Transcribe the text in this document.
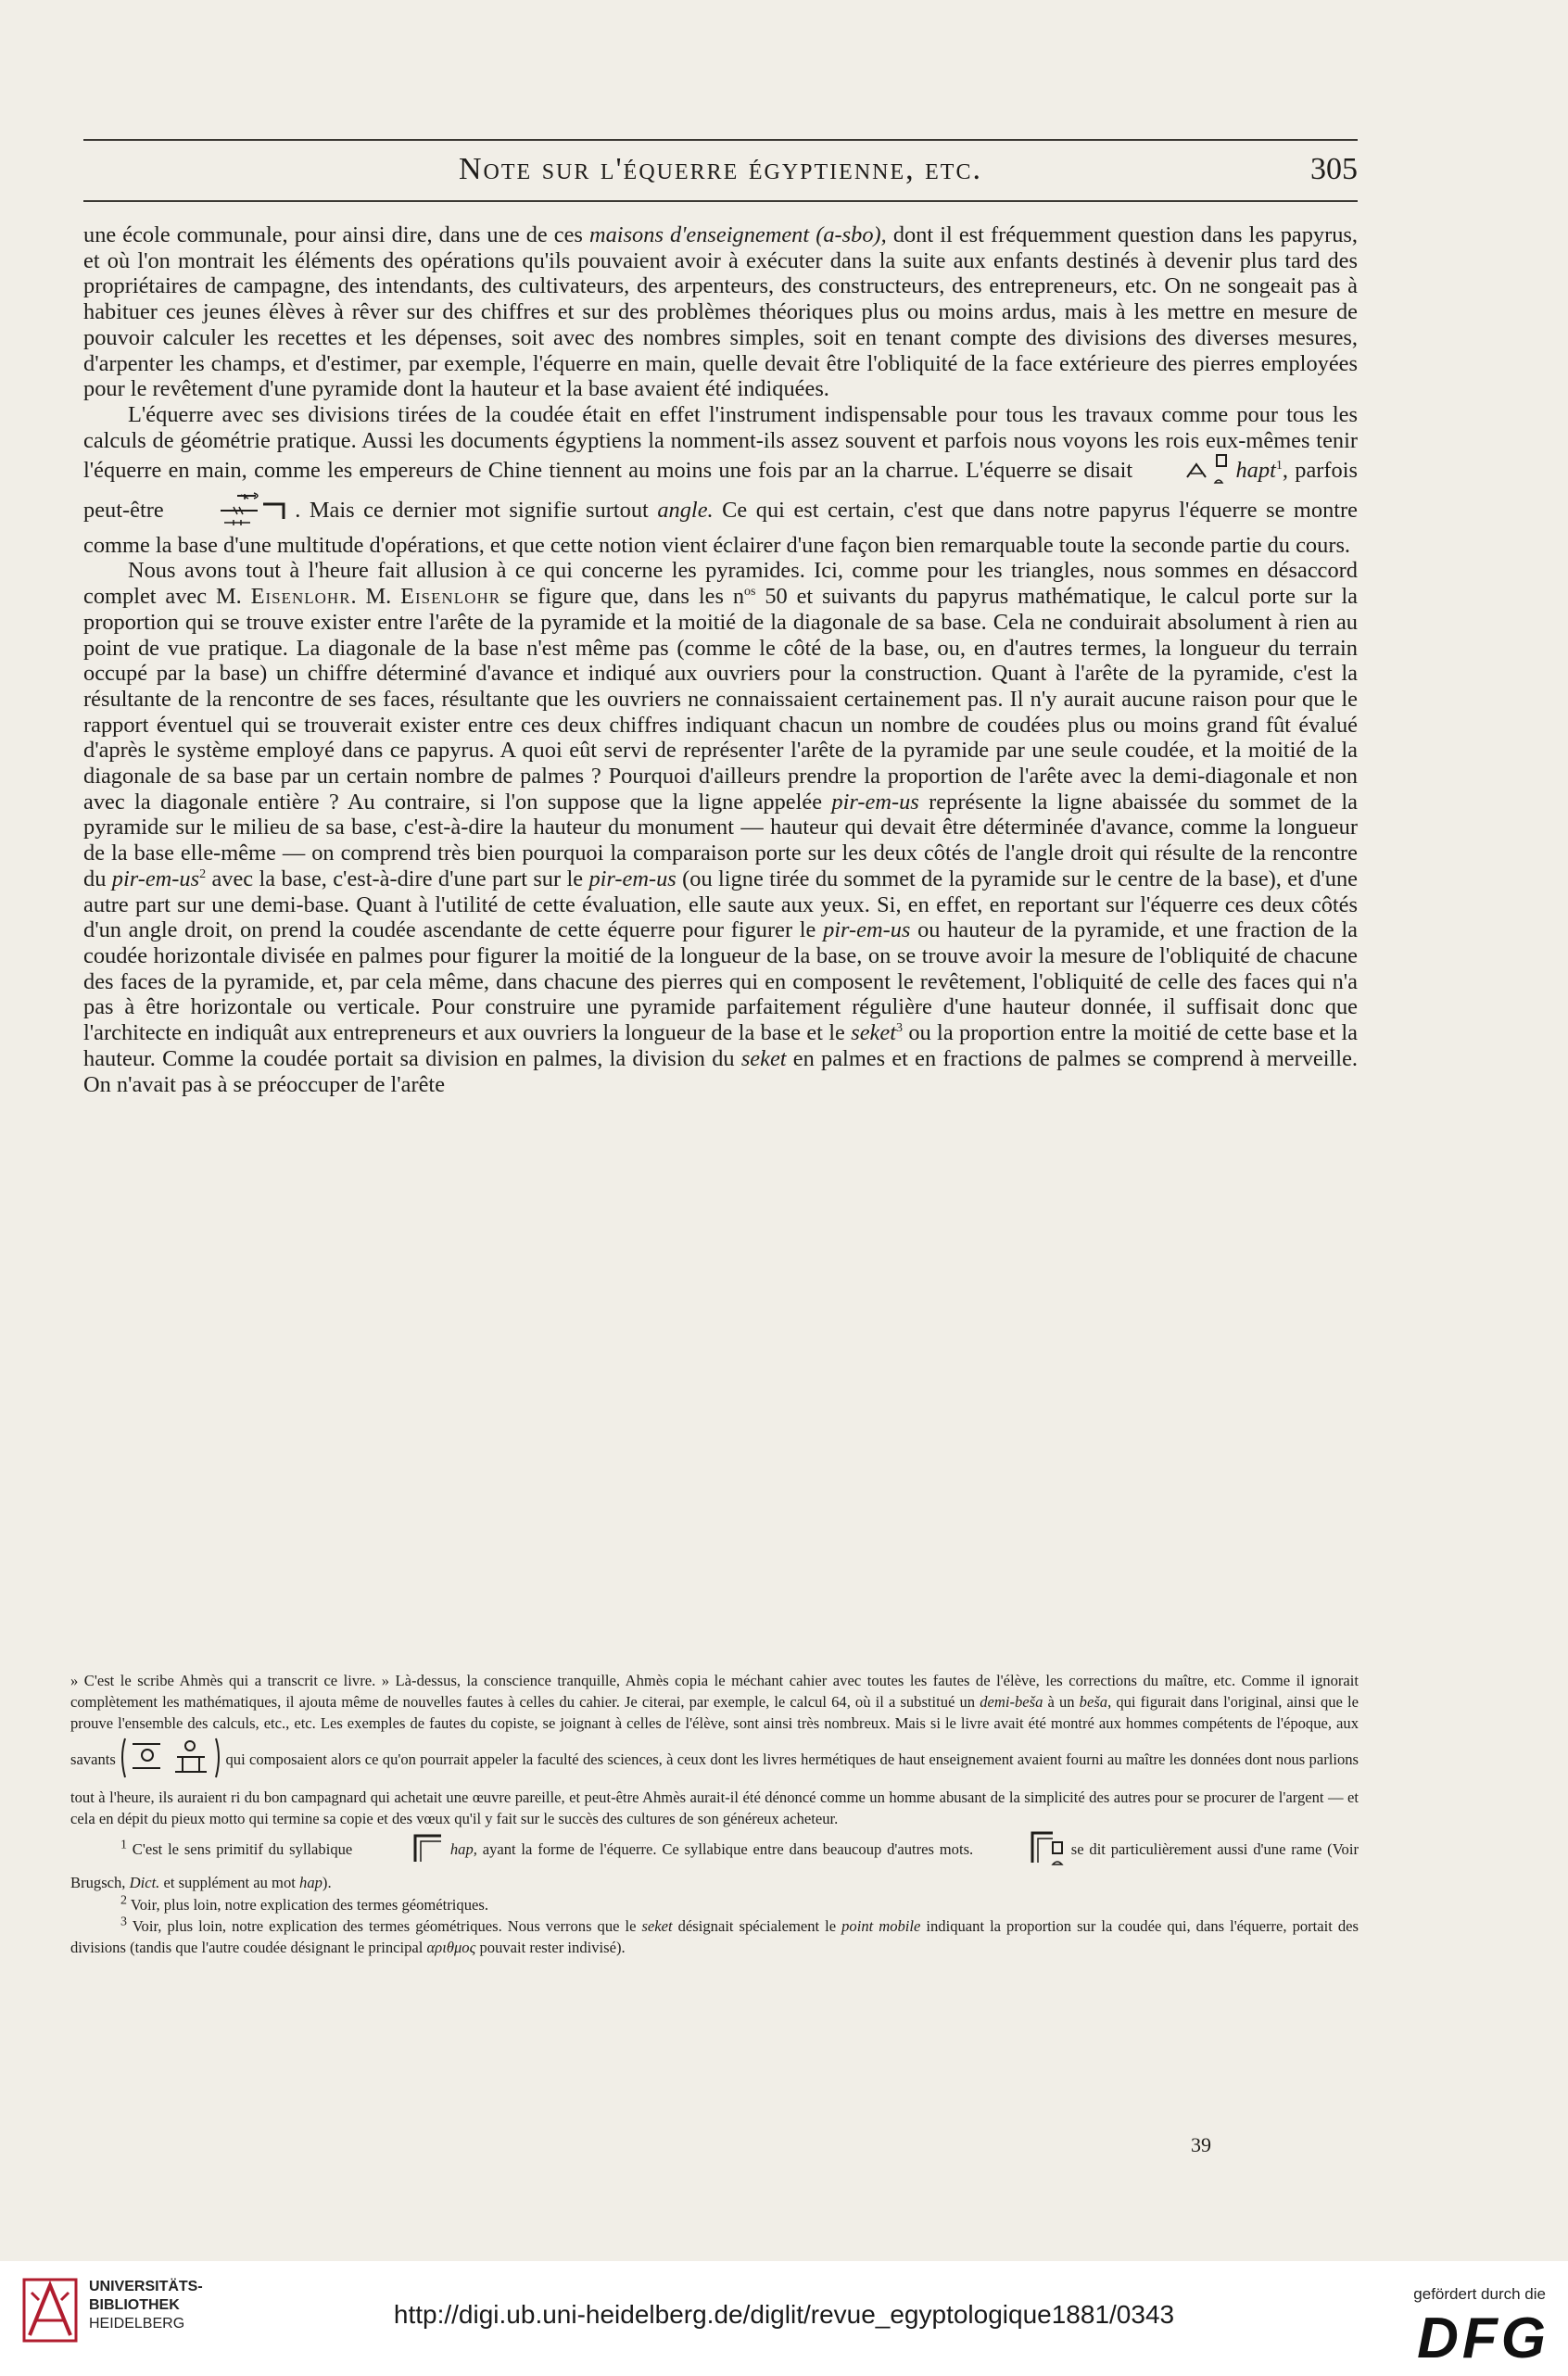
Note sur l'équerre égyptienne, etc.	305

une école communale, pour ainsi dire, dans une de ces maisons d'enseignement (a-sbo), dont il est fréquemment question dans les papyrus, et où l'on montrait les éléments des opérations qu'ils pouvaient avoir à exécuter dans la suite aux enfants destinés à devenir plus tard des propriétaires de campagne, des intendants, des cultivateurs, des arpenteurs, des constructeurs, des entrepreneurs, etc. On ne songeait pas à habituer ces jeunes élèves à rêver sur des chiffres et sur des problèmes théoriques plus ou moins ardus, mais à les mettre en mesure de pouvoir calculer les recettes et les dépenses, soit avec des nombres simples, soit en tenant compte des divisions des diverses mesures, d'arpenter les champs, et d'estimer, par exemple, l'équerre en main, quelle devait être l'obliquité de la face extérieure des pierres employées pour le revêtement d'une pyramide dont la hauteur et la base avaient été indiquées.

L'équerre avec ses divisions tirées de la coudée était en effet l'instrument indispensable pour tous les travaux comme pour tous les calculs de géométrie pratique. Aussi les documents égyptiens la nomment-ils assez souvent et parfois nous voyons les rois eux-mêmes tenir l'équerre en main, comme les empereurs de Chine tiennent au moins une fois par an la charrue. L'équerre se disait	hapt$^1$, parfois peut-être	. Mais ce dernier mot signifie surtout angle. Ce qui est certain, c'est que dans notre papyrus l'équerre se montre comme la base d'une multitude d'opérations, et que cette notion vient éclairer d'une façon bien remarquable toute la seconde partie du cours.

Nous avons tout à l'heure fait allusion à ce qui concerne les pyramides. Ici, comme pour les triangles, nous sommes en désaccord complet avec M. Eisenlohr. M. Eisenlohr se figure que, dans les $n^{os}$ 50 et suivants du papyrus mathématique, le calcul porte sur la proportion qui se trouve exister entre l'arête de la pyramide et la moitié de la diagonale de sa base. Cela ne conduirait absolument à rien au point de vue pratique. La diagonale de la base n'est même pas (comme le côté de la base, ou, en d'autres termes, la longueur du terrain occupé par la base) un chiffre déterminé d'avance et indiqué aux ouvriers pour la construction. Quant à l'arête de la pyramide, c'est la résultante de la rencontre de ses faces, résultante que les ouvriers ne connaissaient certainement pas. Il n'y aurait aucune raison pour que le rapport éventuel qui se trouverait exister entre ces deux chiffres indiquant chacun un nombre de coudées plus ou moins grand fût évalué d'après le système employé dans ce papyrus. A quoi eût servi de représenter l'arête de la pyramide par une seule coudée, et la moitié de la diagonale de sa base par un certain nombre de palmes ? Pourquoi d'ailleurs prendre la proportion de l'arête avec la demi-diagonale et non avec la diagonale entière ? Au contraire, si l'on suppose que la ligne appelée pir-em-us représente la ligne abaissée du sommet de la pyramide sur le milieu de sa base, c'est-à-dire la hauteur du monument — hauteur qui devait être déterminée d'avance, comme la longueur de la base elle-même — on comprend très bien pourquoi la comparaison porte sur les deux côtés de l'angle droit qui résulte de la rencontre du pir-$em-us^2$ avec la base, c'est-à-dire d'une part sur le pir-em-us (ou ligne tirée du sommet de la pyramide sur le centre de la base), et d'une autre part sur une demi-base. Quant à l'utilité de cette évaluation, elle saute aux yeux. Si, en effet, en reportant sur l'équerre ces deux côtés d'un angle droit, on prend la coudée ascendante de cette équerre pour figurer le pir-em-us ou hauteur de la pyramide, et une fraction de la coudée horizontale divisée en palmes pour figurer la moitié de la longueur de la base, on se trouve avoir la mesure de l'obliquité de chacune des faces de la pyramide, et, par cela même, dans chacune des pierres qui en composent le revêtement, l'obliquité de celle des faces qui n'a pas à être horizontale ou verticale. Pour construire une pyramide parfaitement régulière d'une hauteur donnée, il suffisait donc que l'architecte en indiquât aux entrepreneurs et aux ouvriers la longueur de la base et le seket$^3$ ou la proportion entre la moitié de cette base et la hauteur. Comme la coudée portait sa division en palmes, la division du seket en palmes et en fractions de palmes se comprend à merveille. On n'avait pas à se préoccuper de l'arête

» C'est le scribe Ahmès qui a transcrit ce livre. » Là-dessus, la conscience tranquille, Ahmès copia le méchant cahier avec toutes les fautes de l'élève, les corrections du maître, etc. Comme il ignorait complètement les mathématiques, il ajouta même de nouvelles fautes à celles du cahier. Je citerai, par exemple, le calcul 64, où il a substitué un demi-beša à un beša, qui figurait dans l'original, ainsi que le prouve l'ensemble des calculs, etc., etc. Les exemples de fautes du copiste, se joignant à celles de l'élève, sont ainsi très nombreux. Mais si le livre avait été montré aux hommes compétents de l'époque, aux savants	qui composaient alors ce qu'on pourrait appeler la faculté des sciences, à ceux dont les livres hermétiques de haut enseignement avaient fourni au maître les données dont nous parlions tout à l'heure, ils auraient ri du bon campagnard qui achetait une œuvre pareille, et peut-être Ahmès aurait-il été dénoncé comme un homme abusant de la simplicité des autres pour se procurer de l'argent — et cela en dépit du pieux motto qui termine sa copie et des vœux qu'il y fait sur le succès des cultures de son généreux acheteur.

$^1$ C'est le sens primitif du syllabique	hap, ayant la forme de l'équerre. Ce syllabique entre dans beaucoup d'autres mots.	se dit particulièrement aussi d'une rame (Voir Brugsch, Dict. et supplément au mot hap).

$^2$ Voir, plus loin, notre explication des termes géométriques.

$^3$ Voir, plus loin, notre explication des termes géométriques. Nous verrons que le seket désignait spécialement le point mobile indiquant la proportion sur la coudée qui, dans l'équerre, portait des divisions (tandis que l'autre coudée désignant le principal αριθμος pouvait rester indivisé).

39
UNIVERSITÄTS-
BIBLIOTHEK
HEIDELBERG	http://digi.ub.uni-heidelberg.de/diglit/revue_egyptologique1881/0343
gefördert durch die
DFG
